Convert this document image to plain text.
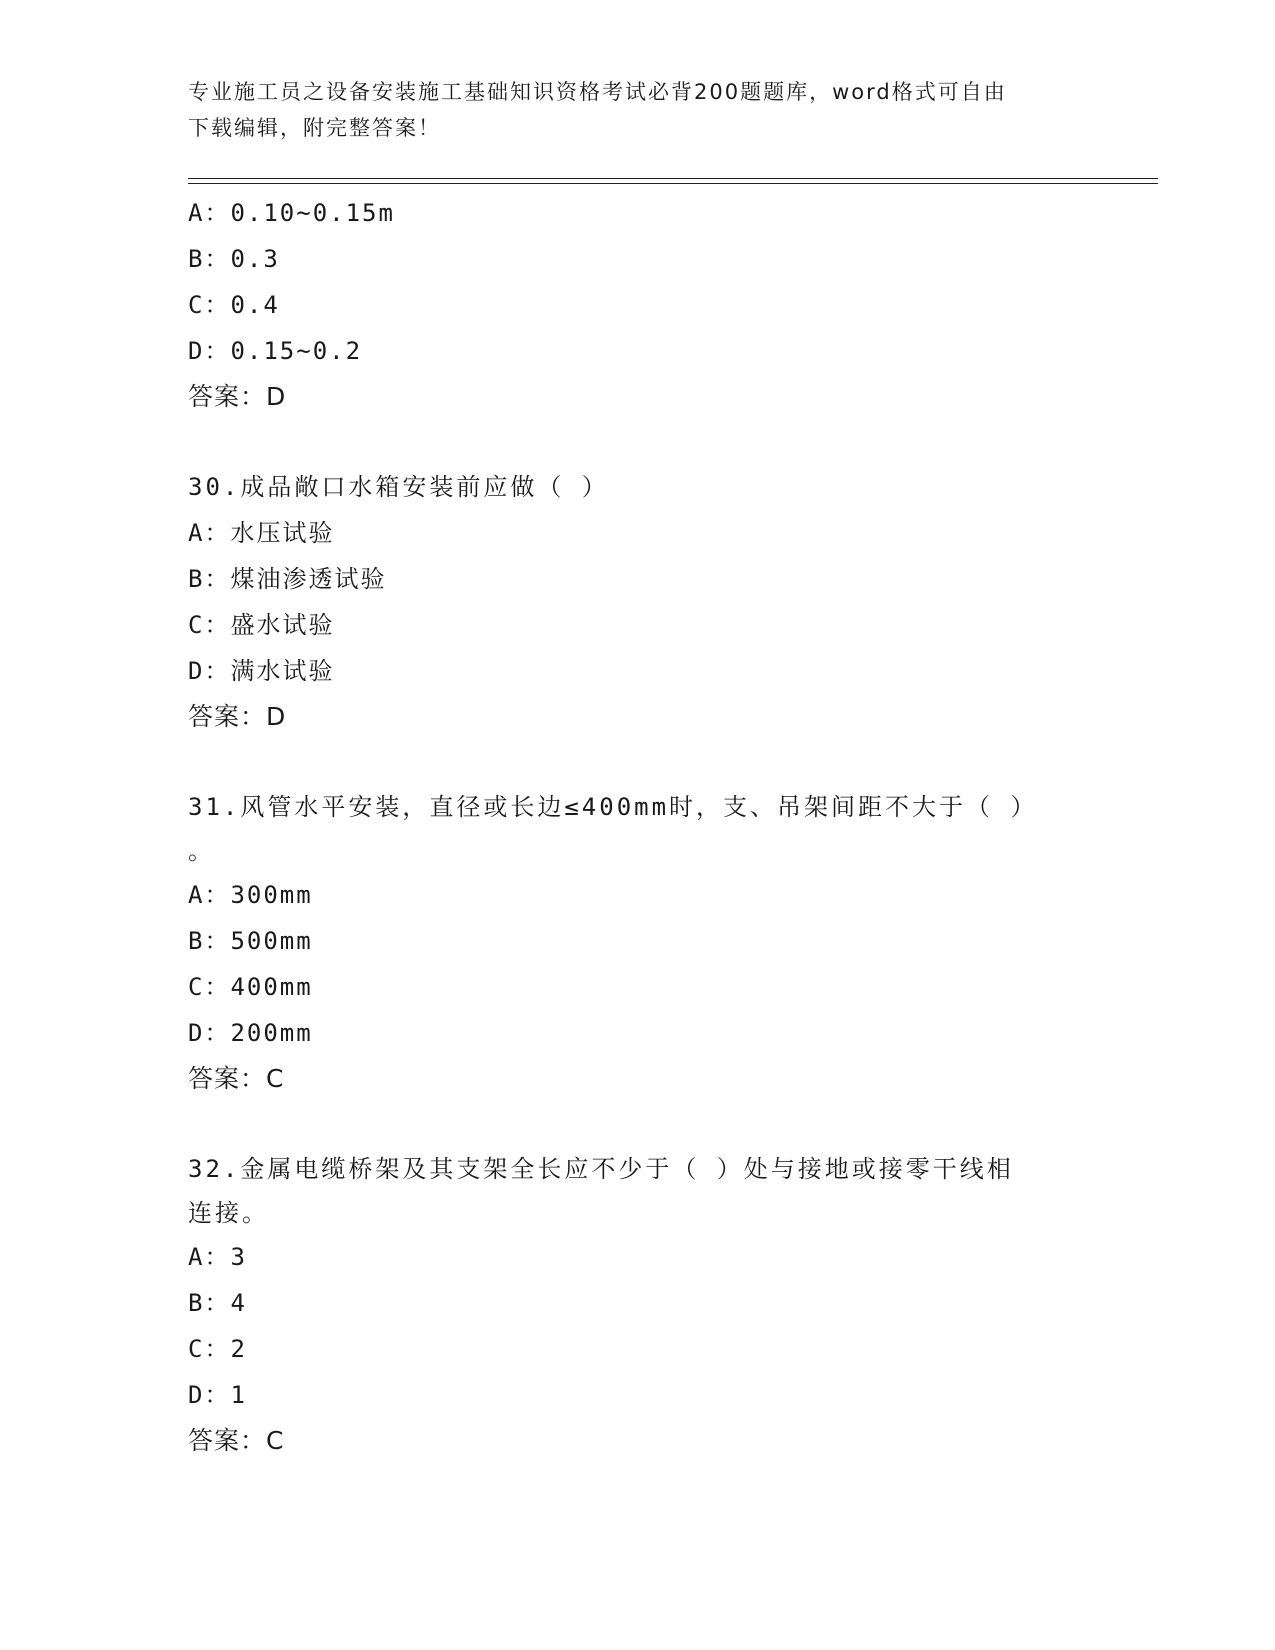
专业施工员之设备安装施工基础知识资格考试必背200题题库，word格式可自由
下载编辑，附完整答案！
A：0.10~0.15m
B：0.3
C：0.4
D：0.15~0.2
答案：D
30.成品敞口水箱安装前应做（ ）
A：水压试验
B：煤油渗透试验
C：盛水试验
D：满水试验
答案：D
31.风管水平安装，直径或长边≤400mm时，支、吊架间距不大于（ ）
。
A：300mm
B：500mm
C：400mm
D：200mm
答案：C
32.金属电缆桥架及其支架全长应不少于（ ）处与接地或接零干线相
连接。
A：3
B：4
C：2
D：1
答案：C
